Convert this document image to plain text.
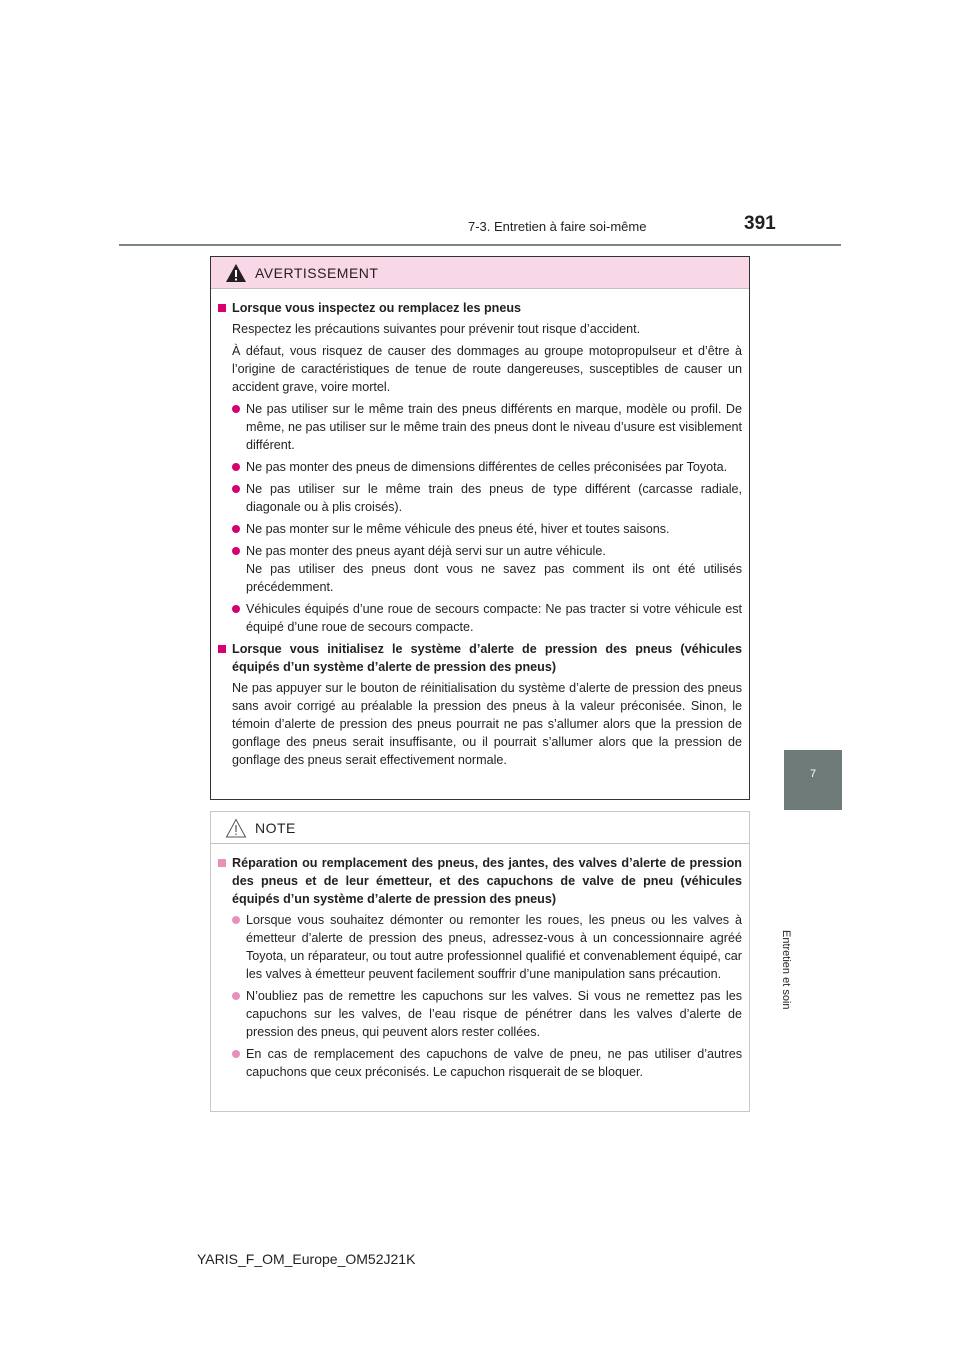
7-3. Entretien à faire soi-même	391
7
Entretien et soin
AVERTISSEMENT
Lorsque vous inspectez ou remplacez les pneus
Respectez les précautions suivantes pour prévenir tout risque d’accident.
À défaut, vous risquez de causer des dommages au groupe motopropulseur et d’être à l’origine de caractéristiques de tenue de route dangereuses, susceptibles de causer un accident grave, voire mortel.
Ne pas utiliser sur le même train des pneus différents en marque, modèle ou profil. De même, ne pas utiliser sur le même train des pneus dont le niveau d’usure est visiblement différent.
Ne pas monter des pneus de dimensions différentes de celles préconisées par Toyota.
Ne pas utiliser sur le même train des pneus de type différent (carcasse radiale, diagonale ou à plis croisés).
Ne pas monter sur le même véhicule des pneus été, hiver et toutes saisons.
Ne pas monter des pneus ayant déjà servi sur un autre véhicule.
Ne pas utiliser des pneus dont vous ne savez pas comment ils ont été utilisés précédemment.
Véhicules équipés d’une roue de secours compacte: Ne pas tracter si votre véhicule est équipé d’une roue de secours compacte.
Lorsque vous initialisez le système d’alerte de pression des pneus (véhicules équipés d’un système d’alerte de pression des pneus)
Ne pas appuyer sur le bouton de réinitialisation du système d’alerte de pression des pneus sans avoir corrigé au préalable la pression des pneus à la valeur préconisée. Sinon, le témoin d’alerte de pression des pneus pourrait ne pas s’allumer alors que la pression de gonflage des pneus serait insuffisante, ou il pourrait s’allumer alors que la pression de gonflage des pneus serait effectivement normale.
NOTE
Réparation ou remplacement des pneus, des jantes, des valves d’alerte de pression des pneus et de leur émetteur, et des capuchons de valve de pneu (véhicules équipés d’un système d’alerte de pression des pneus)
Lorsque vous souhaitez démonter ou remonter les roues, les pneus ou les valves à émetteur d’alerte de pression des pneus, adressez-vous à un concessionnaire agréé Toyota, un réparateur, ou tout autre professionnel qualifié et convenablement équipé, car les valves à émetteur peuvent facilement souffrir d’une manipulation sans précaution.
N’oubliez pas de remettre les capuchons sur les valves. Si vous ne remettez pas les capuchons sur les valves, de l’eau risque de pénétrer dans les valves d’alerte de pression des pneus, qui peuvent alors rester collées.
En cas de remplacement des capuchons de valve de pneu, ne pas utiliser d’autres capuchons que ceux préconisés. Le capuchon risquerait de se bloquer.
YARIS_F_OM_Europe_OM52J21K
